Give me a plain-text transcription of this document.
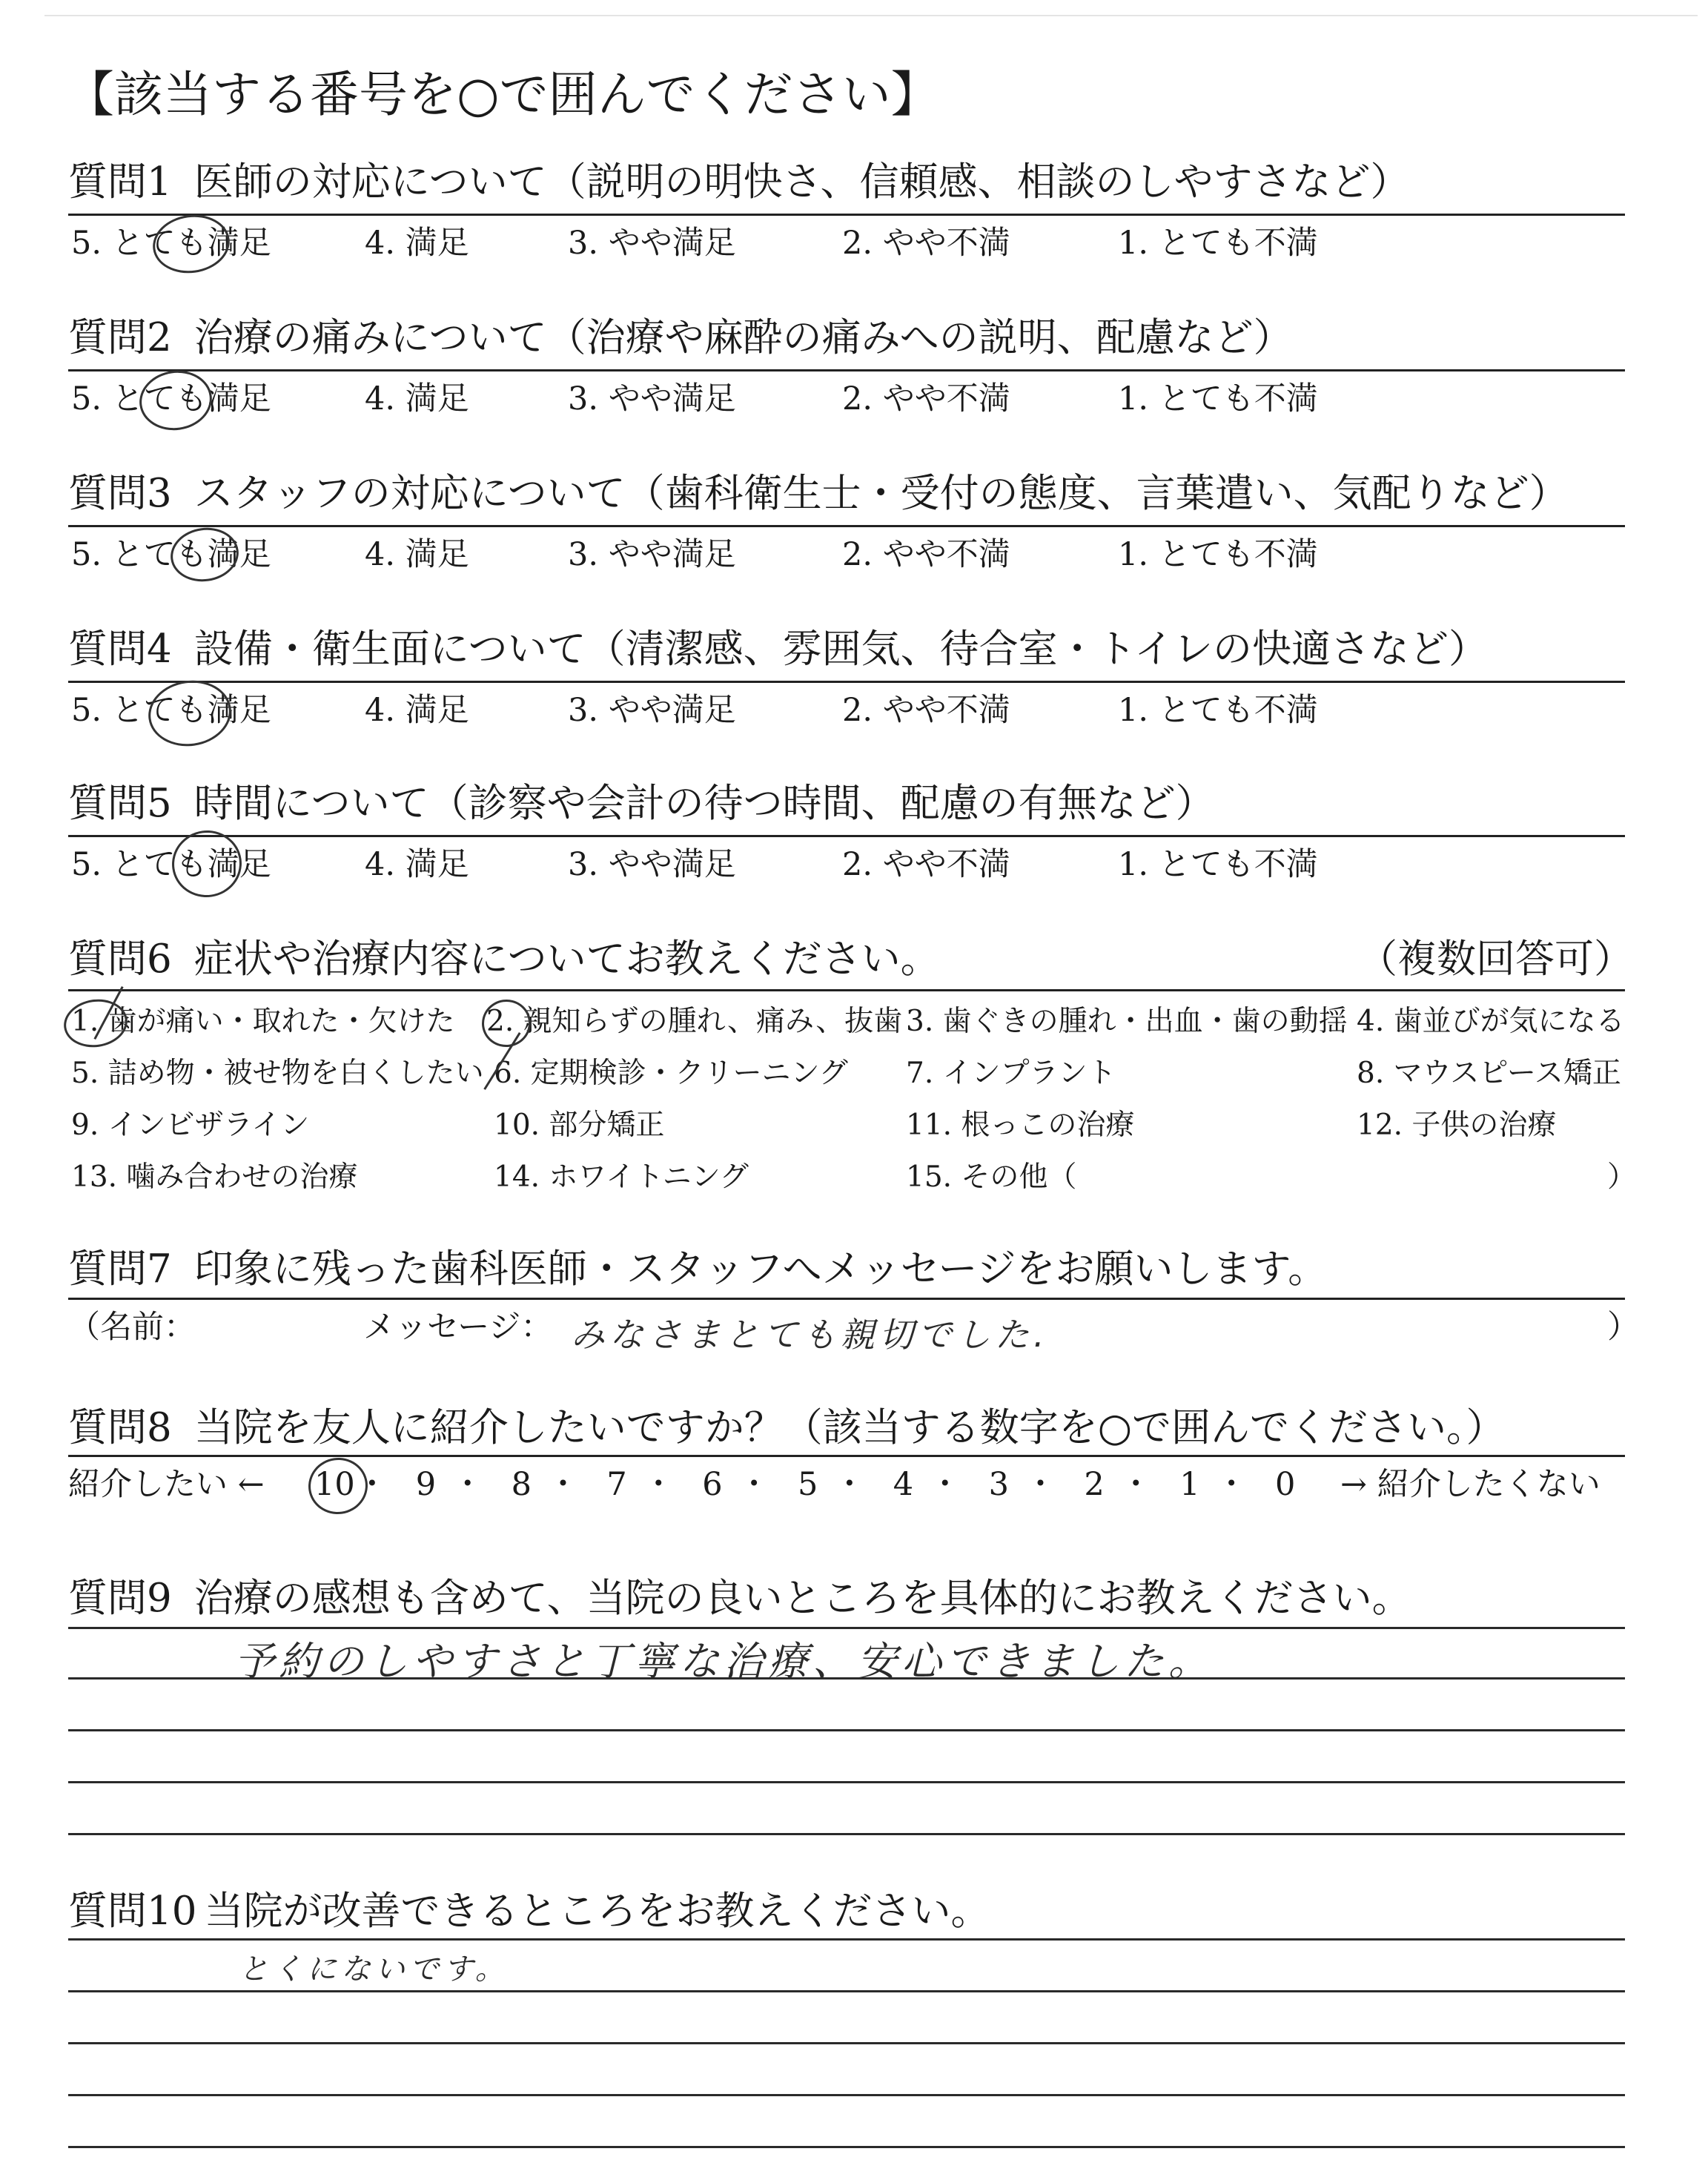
【該当する番号を○で囲んでください】
質問1 医師の対応について（説明の明快さ、信頼感、相談のしやすさなど）
5. とても満足	4. 満足	3. やや満足	2. やや不満	1. とても不満
質問2 治療の痛みについて（治療や麻酔の痛みへの説明、配慮など）
5. とても満足	4. 満足	3. やや満足	2. やや不満	1. とても不満
質問3 スタッフの対応について（歯科衛生士・受付の態度、言葉遣い、気配りなど）
5. とても満足	4. 満足	3. やや満足	2. やや不満	1. とても不満
質問4 設備・衛生面について（清潔感、雰囲気、待合室・トイレの快適さなど）
5. とても満足	4. 満足	3. やや満足	2. やや不満	1. とても不満
質問5 時間について（診察や会計の待つ時間、配慮の有無など）
5. とても満足	4. 満足	3. やや満足	2. やや不満	1. とても不満
質問6 症状や治療内容についてお教えください。	（複数回答可）
1. 歯が痛い・取れた・欠けた 2. 親知らずの腫れ、痛み、抜歯 3. 歯ぐきの腫れ・出血・歯の動揺 4. 歯並びが気になる
5. 詰め物・被せ物を白くしたい 6. 定期検診・クリーニング 7. インプラント	8. マウスピース矯正
9. インビザライン	10. 部分矯正	11. 根っこの治療	12. 子供の治療
13. 噛み合わせの治療	14. ホワイトニング	15. その他（	）
質問7 印象に残った歯科医師・スタッフへメッセージをお願いします。
（名前：	メッセージ： みなさまとても親切でした.	）
質問8 当院を友人に紹介したいですか？（該当する数字を○で囲んでください。）
紹介したい ← 10 ・ 9 ・ 8 ・ 7 ・ 6 ・ 5 ・ 4 ・ 3 ・ 2 ・ 1 ・ 0 → 紹介したくない
質問9 治療の感想も含めて、当院の良いところを具体的にお教えください。
予約のしやすさと丁寧な治療、安心できました。
質問10 当院が改善できるところをお教えください。
とくにないです。
